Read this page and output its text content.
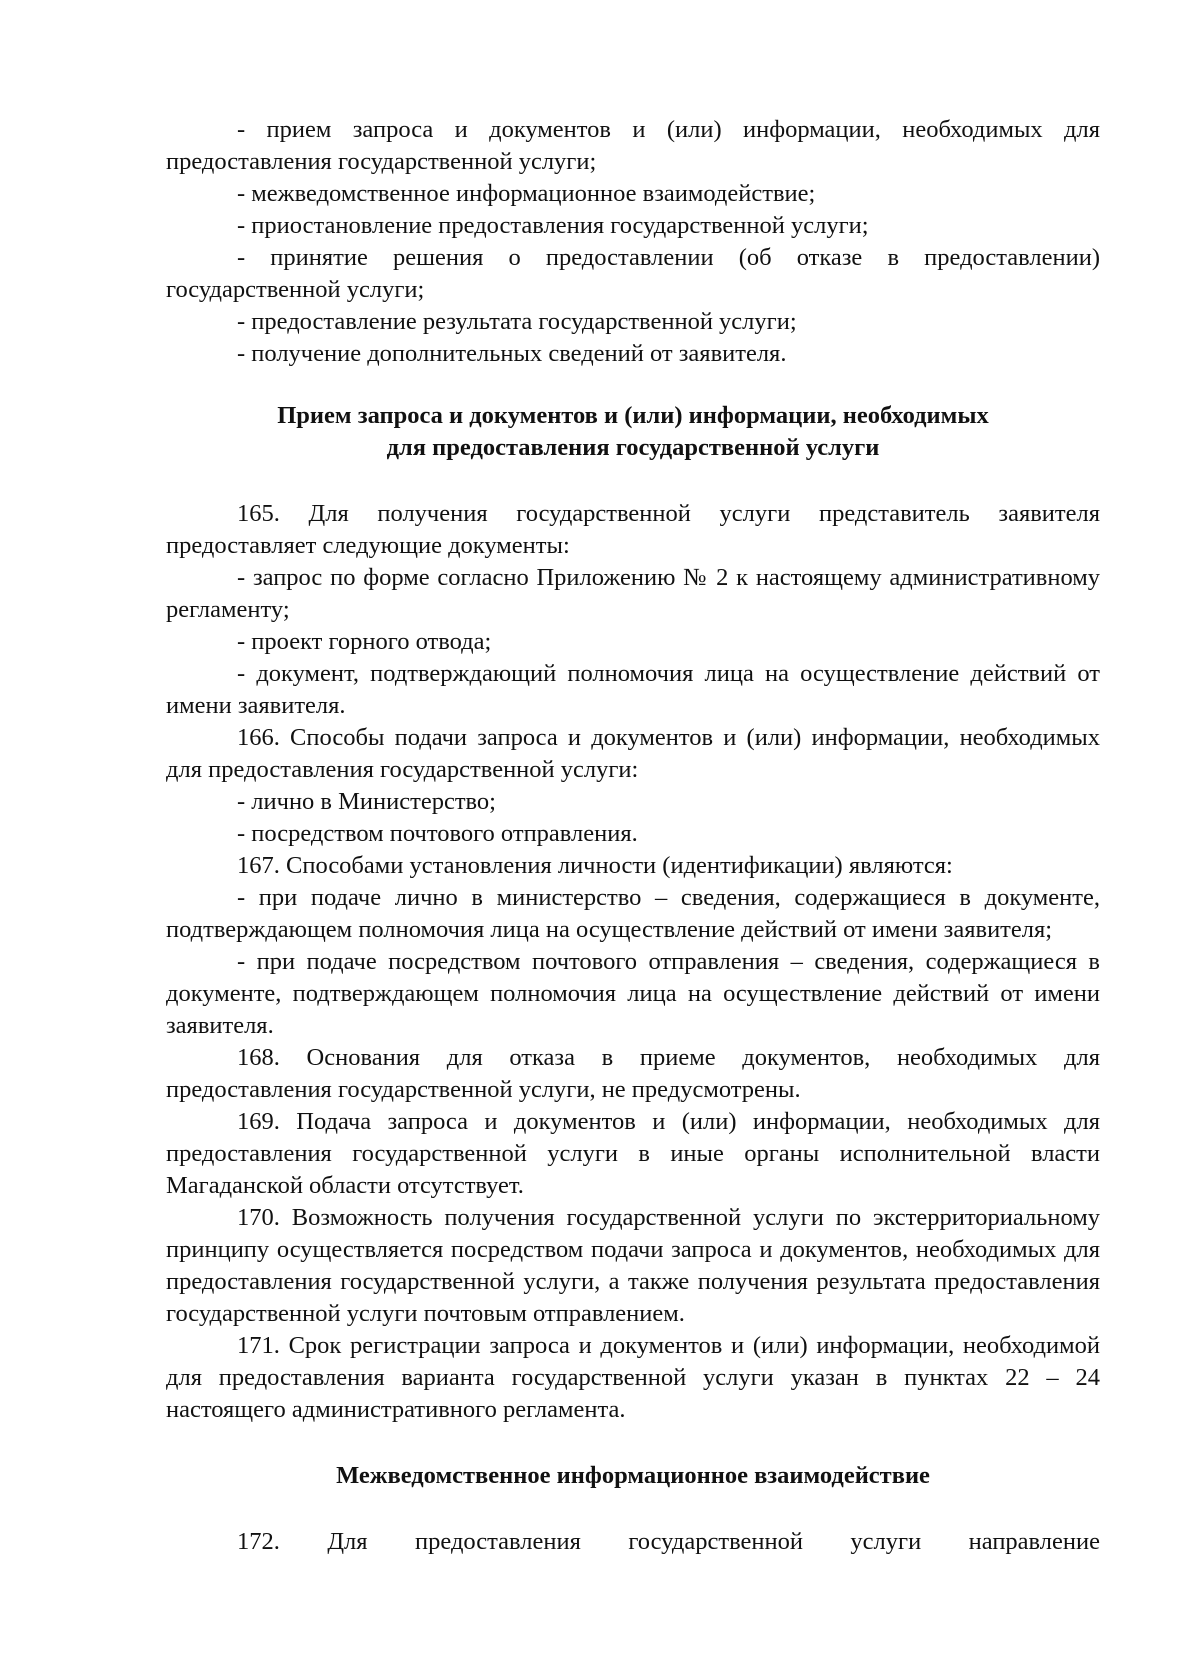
- прием запроса и документов и (или) информации, необходимых для предоставления государственной услуги;

- межведомственное информационное взаимодействие;

- приостановление предоставления государственной услуги;

- принятие решения о предоставлении (об отказе в предоставлении) государственной услуги;

- предоставление результата государственной услуги;

- получение дополнительных сведений от заявителя.

Прием запроса и документов и (или) информации, необходимых
для предоставления государственной услуги

165. Для получения государственной услуги представитель заявителя предоставляет следующие документы:

- запрос по форме согласно Приложению № 2 к настоящему административному регламенту;

- проект горного отвода;

- документ, подтверждающий полномочия лица на осуществление действий от имени заявителя.

166. Способы подачи запроса и документов и (или) информации, необходимых для предоставления государственной услуги:

- лично в Министерство;

- посредством почтового отправления.

167. Способами установления личности (идентификации) являются:

- при подаче лично в министерство – сведения, содержащиеся в документе, подтверждающем полномочия лица на осуществление действий от имени заявителя;

- при подаче посредством почтового отправления – сведения, содержащиеся в документе, подтверждающем полномочия лица на осуществление действий от имени заявителя.

168. Основания для отказа в приеме документов, необходимых для предоставления государственной услуги, не предусмотрены.

169. Подача запроса и документов и (или) информации, необходимых для предоставления государственной услуги в иные органы исполнительной власти Магаданской области отсутствует.

170. Возможность получения государственной услуги по экстерриториальному принципу осуществляется посредством подачи запроса и документов, необходимых для предоставления государственной услуги, а также получения результата предоставления государственной услуги почтовым отправлением.

171. Срок регистрации запроса и документов и (или) информации, необходимой для предоставления варианта государственной услуги указан в пунктах 22 – 24 настоящего административного регламента.

Межведомственное информационное взаимодействие

172. Для предоставления государственной услуги направление
